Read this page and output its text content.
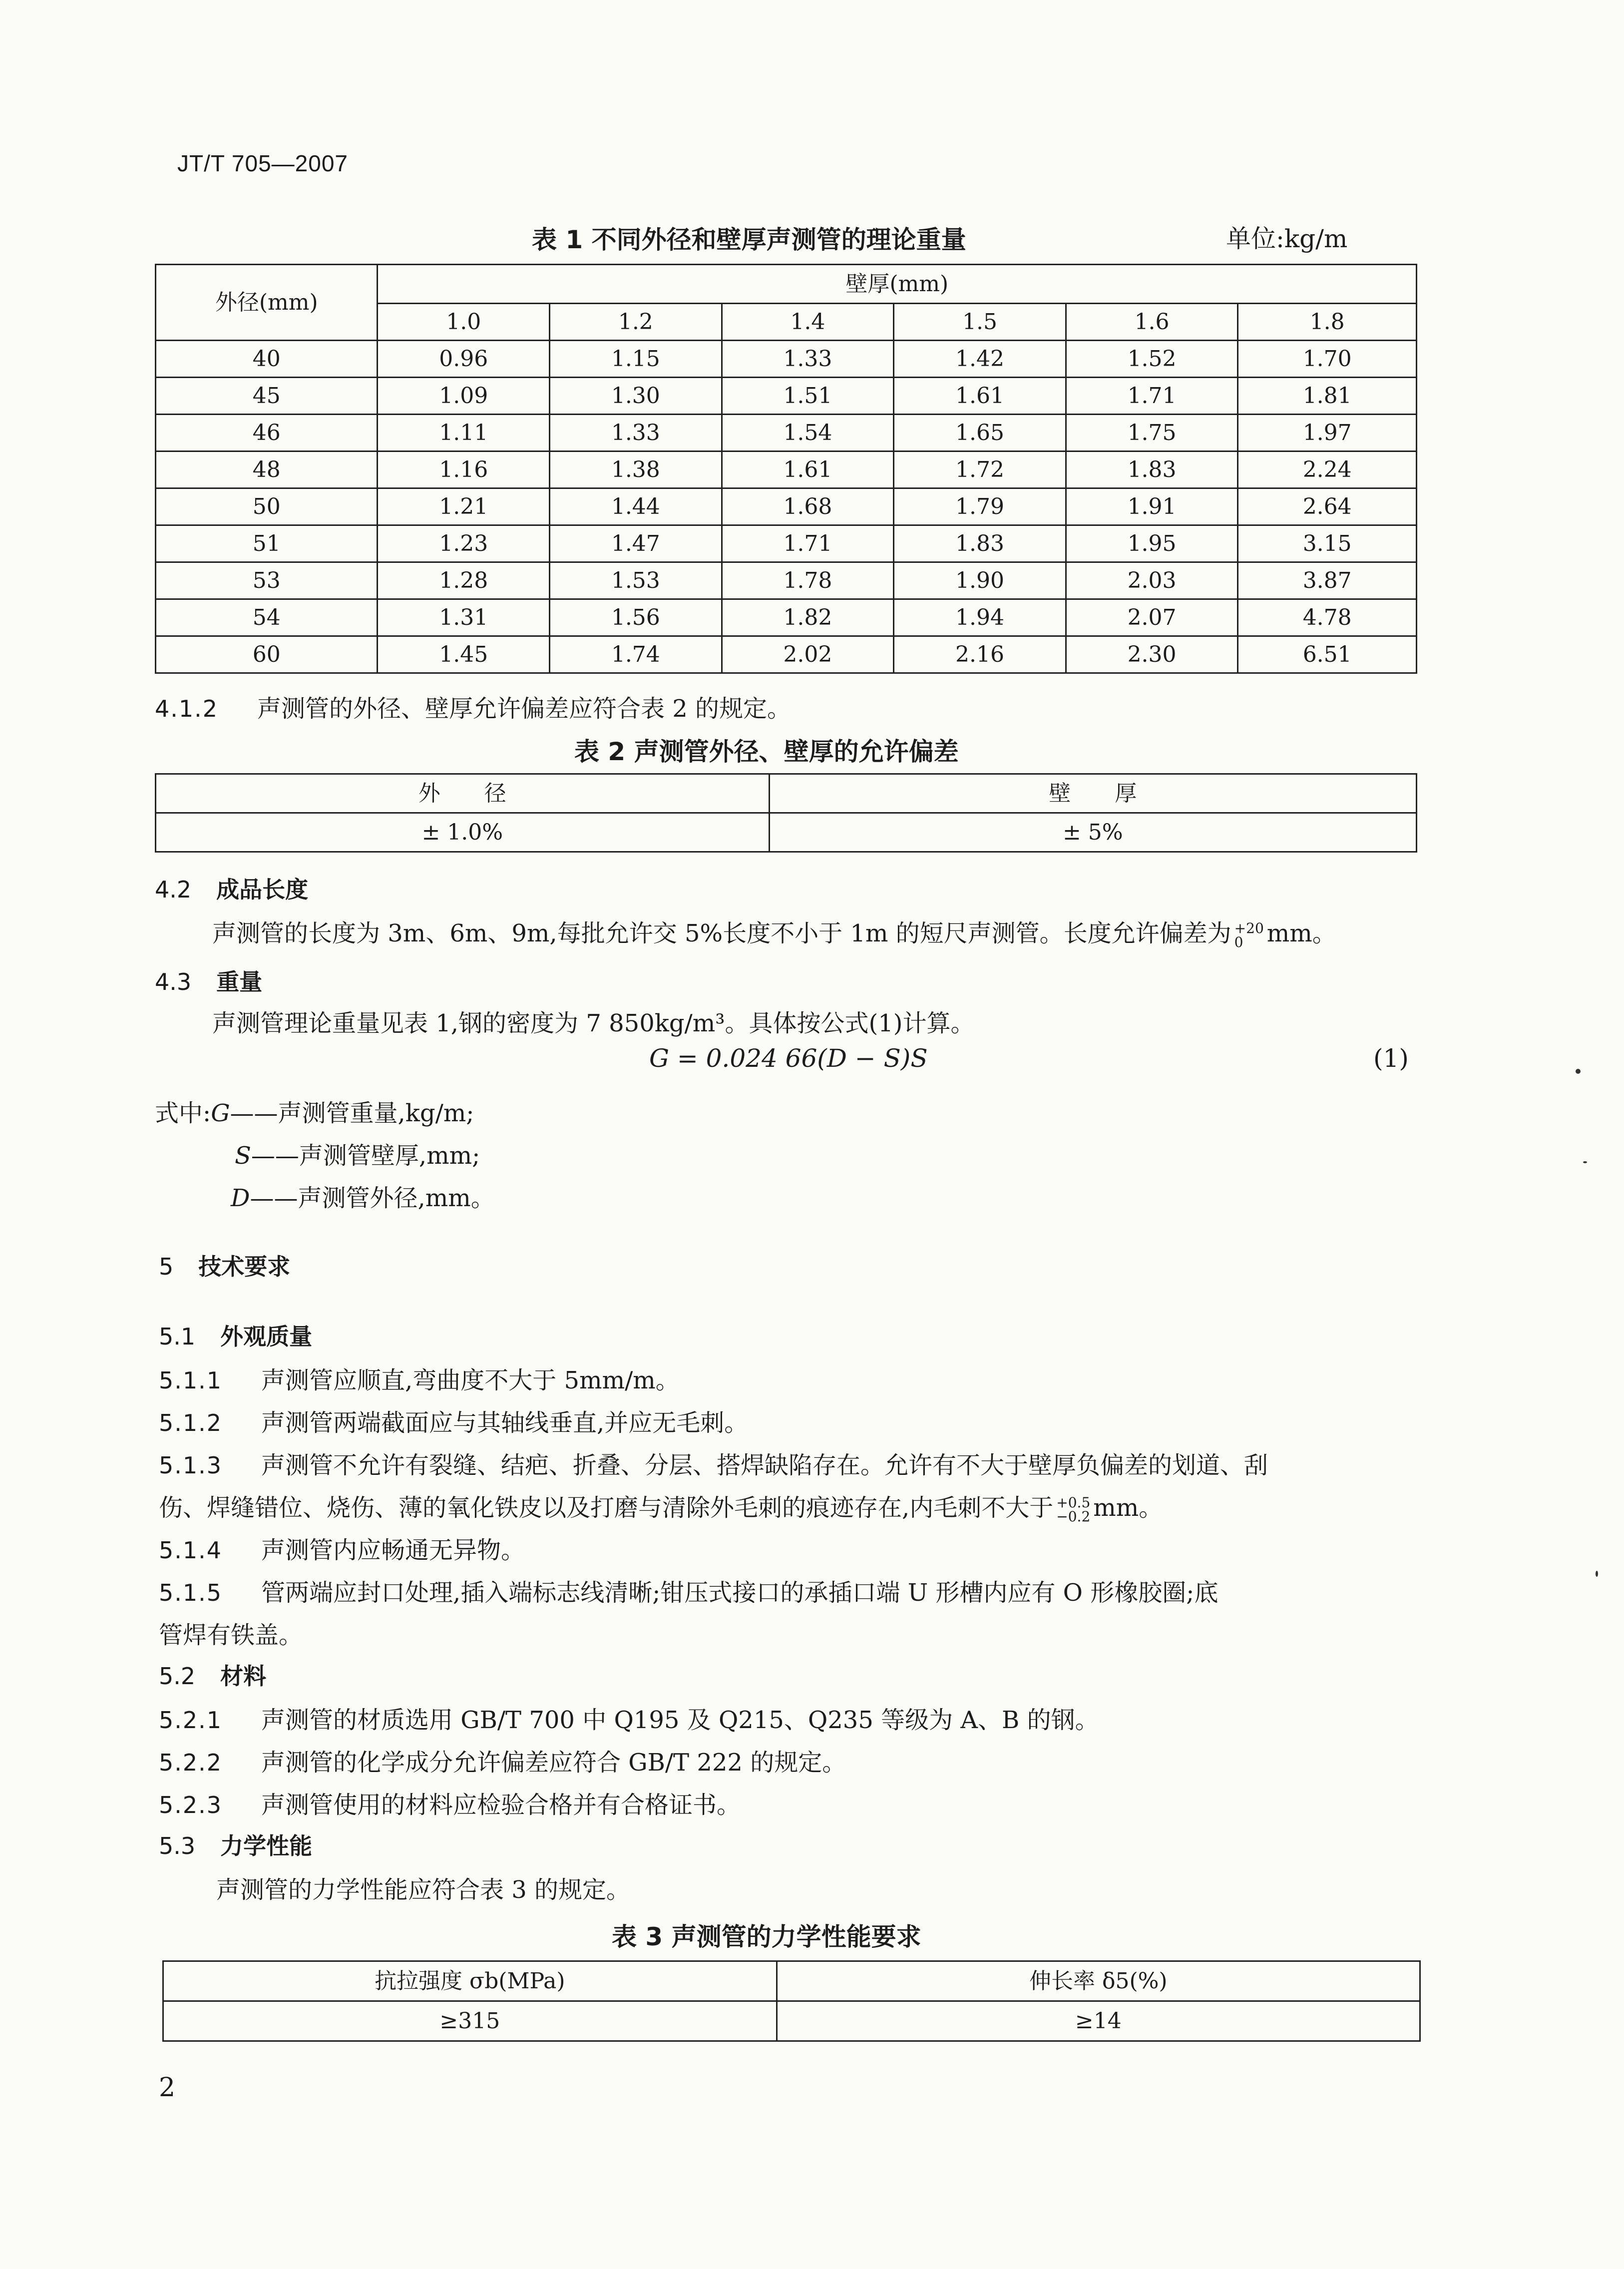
JT/T 705—2007
表 1 不同外径和壁厚声测管的理论重量	单位:kg/m
外径(mm)	壁厚(mm)					
	1.0	1.2	1.4	1.5	1.6	1.8
40	0.96	1.15	1.33	1.42	1.52	1.70
45	1.09	1.30	1.51	1.61	1.71	1.81
46	1.11	1.33	1.54	1.65	1.75	1.97
48	1.16	1.38	1.61	1.72	1.83	2.24
50	1.21	1.44	1.68	1.79	1.91	2.64
51	1.23	1.47	1.71	1.83	1.95	3.15
53	1.28	1.53	1.78	1.90	2.03	3.87
54	1.31	1.56	1.82	1.94	2.07	4.78
60	1.45	1.74	2.02	2.16	2.30	6.51
4.1.2 声测管的外径、壁厚允许偏差应符合表 2 的规定。
表 2 声测管外径、壁厚的允许偏差
外　　径	壁　　厚
± 1.0%	± 5%
4.2 成品长度
声测管的长度为 3m、6m、9m,每批允许交 5%长度不小于 1m 的短尺声测管。长度允许偏差为 +20
0 mm。
4.3 重量
声测管理论重量见表 1,钢的密度为 7 850kg/m³。具体按公式(1)计算。
G = 0.024 66(D − S)S	(1)
式中:G——声测管重量,kg/m;
S——声测管壁厚,mm;
D——声测管外径,mm。
5 技术要求
5.1 外观质量
5.1.1 声测管应顺直,弯曲度不大于 5mm/m。
5.1.2 声测管两端截面应与其轴线垂直,并应无毛刺。
5.1.3 声测管不允许有裂缝、结疤、折叠、分层、搭焊缺陷存在。允许有不大于壁厚负偏差的划道、刮
伤、焊缝错位、烧伤、薄的氧化铁皮以及打磨与清除外毛刺的痕迹存在,内毛刺不大于 +0.5
−0.2 mm。
5.1.4 声测管内应畅通无异物。
5.1.5 管两端应封口处理,插入端标志线清晰;钳压式接口的承插口端 U 形槽内应有 O 形橡胶圈;底
管焊有铁盖。
5.2 材料
5.2.1 声测管的材质选用 GB/T 700 中 Q195 及 Q215、Q235 等级为 A、B 的钢。
5.2.2 声测管的化学成分允许偏差应符合 GB/T 222 的规定。
5.2.3 声测管使用的材料应检验合格并有合格证书。
5.3 力学性能
声测管的力学性能应符合表 3 的规定。
表 3 声测管的力学性能要求
抗拉强度 σb(MPa)	伸长率 δ5(%)
≥315	≥14
2
